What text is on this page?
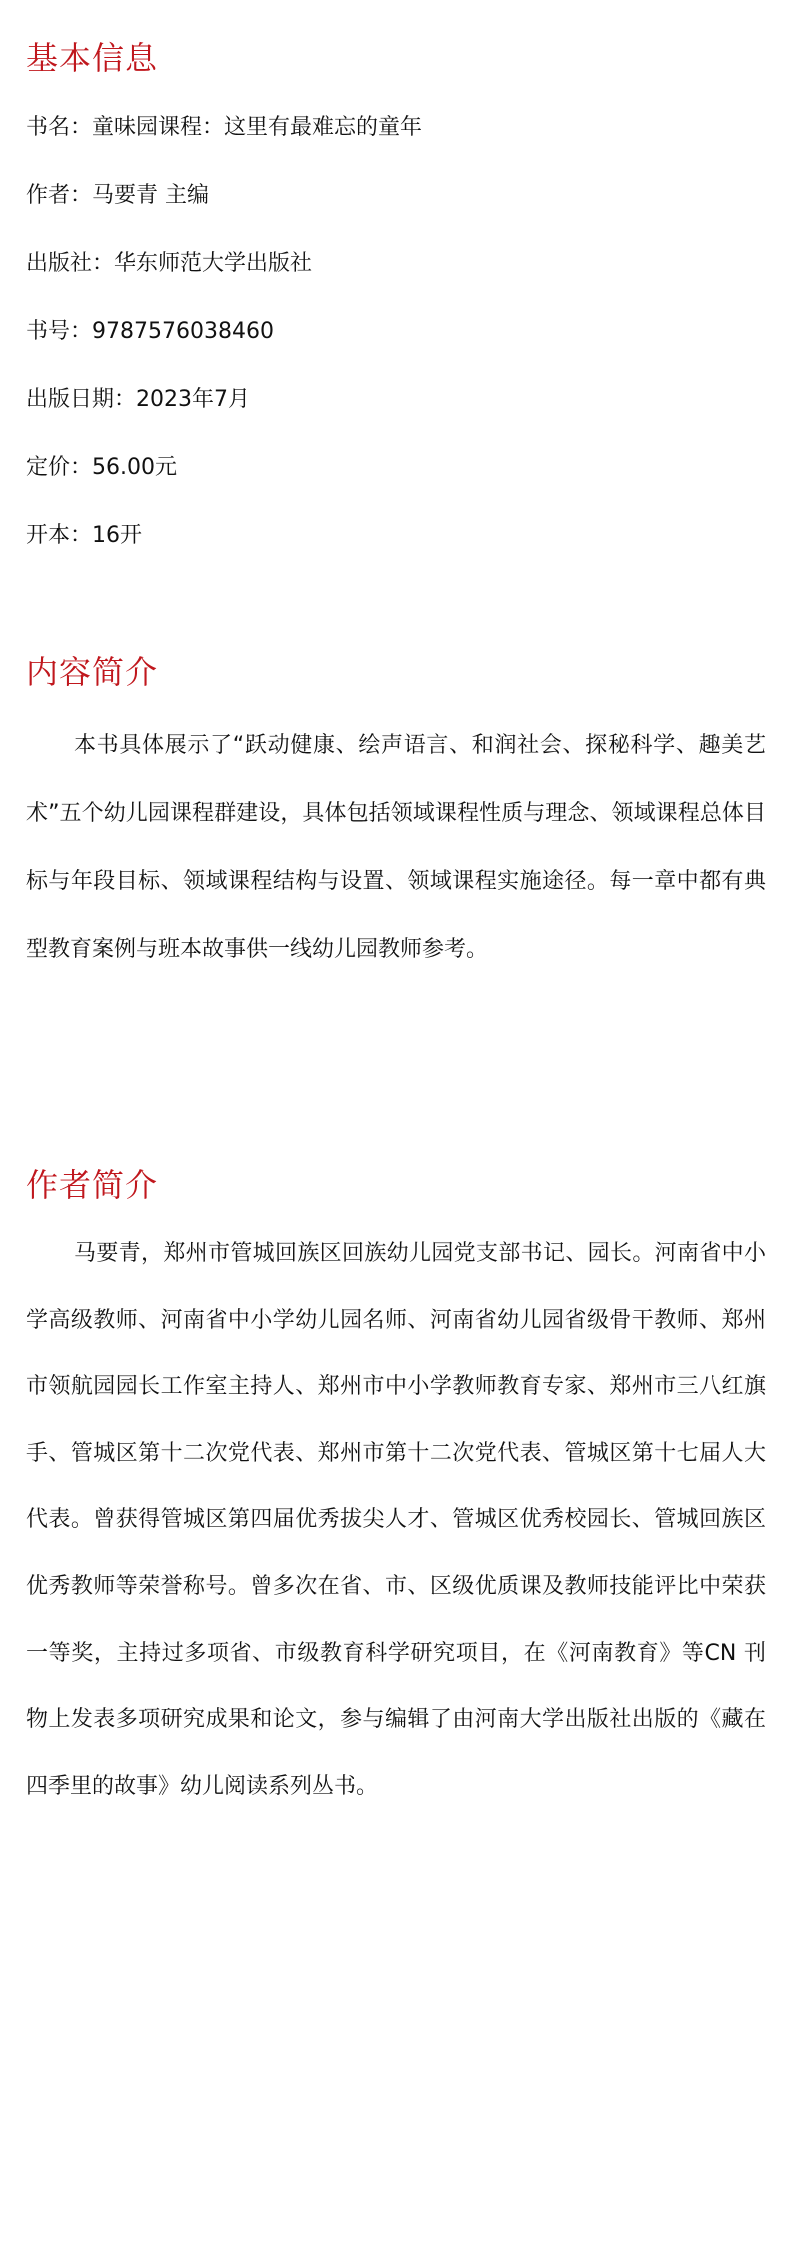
基本信息

书名：童味园课程：这里有最难忘的童年

作者：马要青 主编

出版社：华东师范大学出版社

书号：9787576038460

出版日期：2023年7月

定价：56.00元

开本：16开

内容简介

本书具体展示了“跃动健康、绘声语言、和润社会、探秘科学、趣美艺术”五个幼儿园课程群建设，具体包括领域课程性质与理念、领域课程总体目标与年段目标、领域课程结构与设置、领域课程实施途径。每一章中都有典型教育案例与班本故事供一线幼儿园教师参考。

作者简介

马要青，郑州市管城回族区回族幼儿园党支部书记、园长。河南省中小学高级教师、河南省中小学幼儿园名师、河南省幼儿园省级骨干教师、郑州市领航园园长工作室主持人、郑州市中小学教师教育专家、郑州市三八红旗手、管城区第十二次党代表、郑州市第十二次党代表、管城区第十七届人大代表。曾获得管城区第四届优秀拔尖人才、管城区优秀校园长、管城回族区优秀教师等荣誉称号。曾多次在省、市、区级优质课及教师技能评比中荣获一等奖，主持过多项省、市级教育科学研究项目，在《河南教育》等CN 刊物上发表多项研究成果和论文，参与编辑了由河南大学出版社出版的《藏在四季里的故事》幼儿阅读系列丛书。
